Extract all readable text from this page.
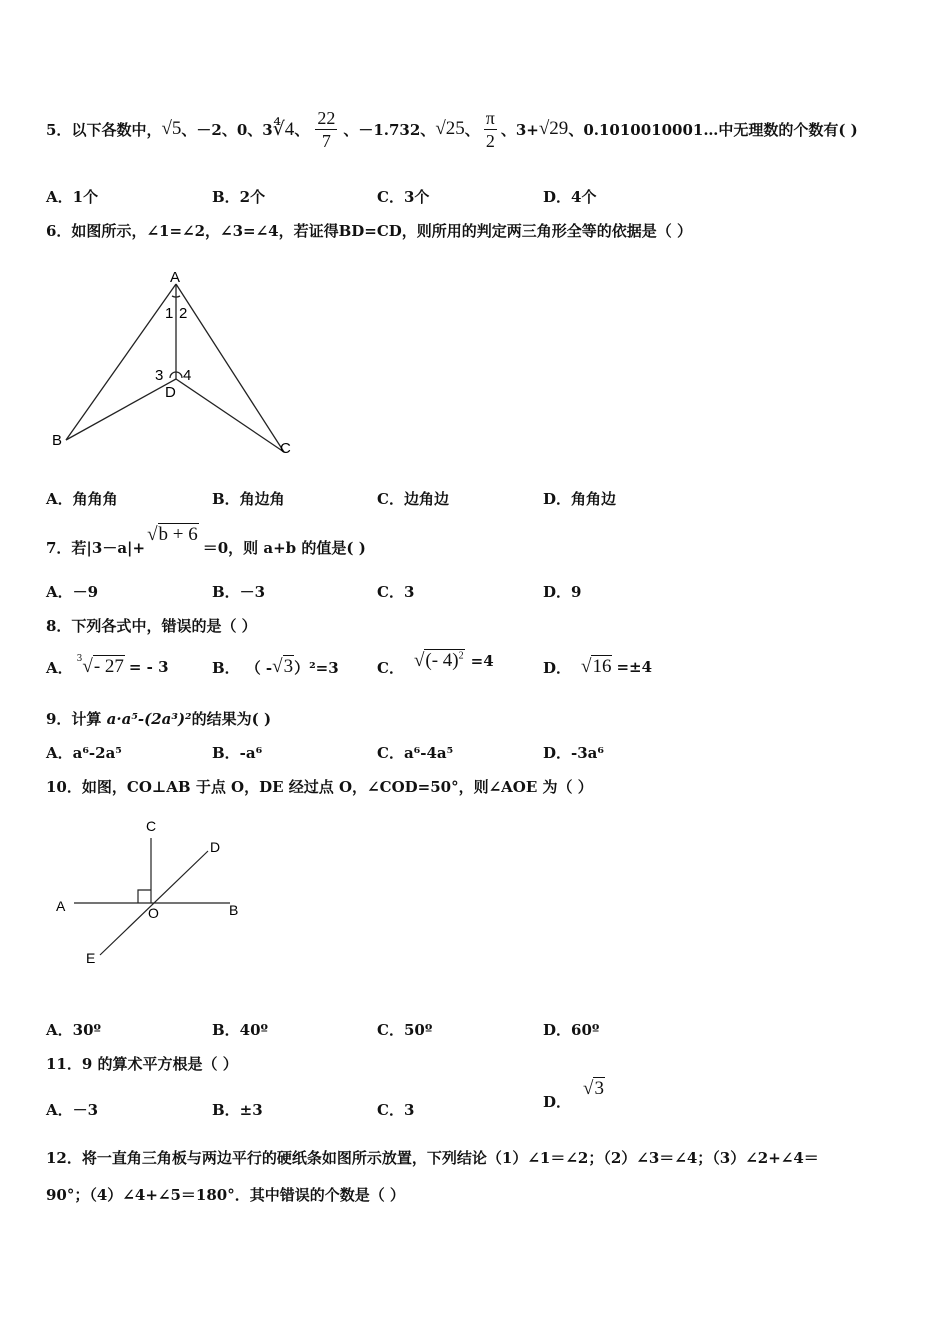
5． 以下各数中， √5 、－2、0、3 ∜4 、 $\frac{22}{7}$ 、－1.732、 √25 、 $\frac{\pi}{2}$ 、3+ √29 、0.1010010001…中无理数的个数有( )
A．1个	B．2个	C．3个	D．4个
6．如图所示，∠1=∠2，∠3=∠4，若证得BD=CD，则所用的判定两三角形全等的依据是（ ）
A
B	C
D
1 2
3 4
A．角角角	B．角边角	C．边角边	D．角角边
7．若|3－a|+
√b + 6
＝0，则 a+b 的值是( )
A．－9	B．－3	C．3	D．9
8．下列各式中，错误的是（ ）
A． 3 √- 27 = - 3	B． （ - √3 ）²=3	C． √(- 4)$^2$ =4	D． √16 =±4
9．计算 a·a⁵-(2a³)²的结果为( )
A．a⁶-2a⁵	B．-a⁶	C．a⁶-4a⁵	D．-3a⁶
10．如图，CO⊥AB 于点 O，DE 经过点 O，∠COD=50°，则∠AOE 为（ ）
C
D
A	B
O
E
A．30º	B．40º	C．50º	D．60º
11．9 的算术平方根是（ ）
A．－3	B．±3	C．3	D．
√3
12．将一直角三角板与两边平行的硬纸条如图所示放置，下列结论（1）∠1＝∠2；（2）∠3＝∠4；（3）∠2+∠4＝
90°；（4）∠4+∠5＝180°．其中错误的个数是（ ）
